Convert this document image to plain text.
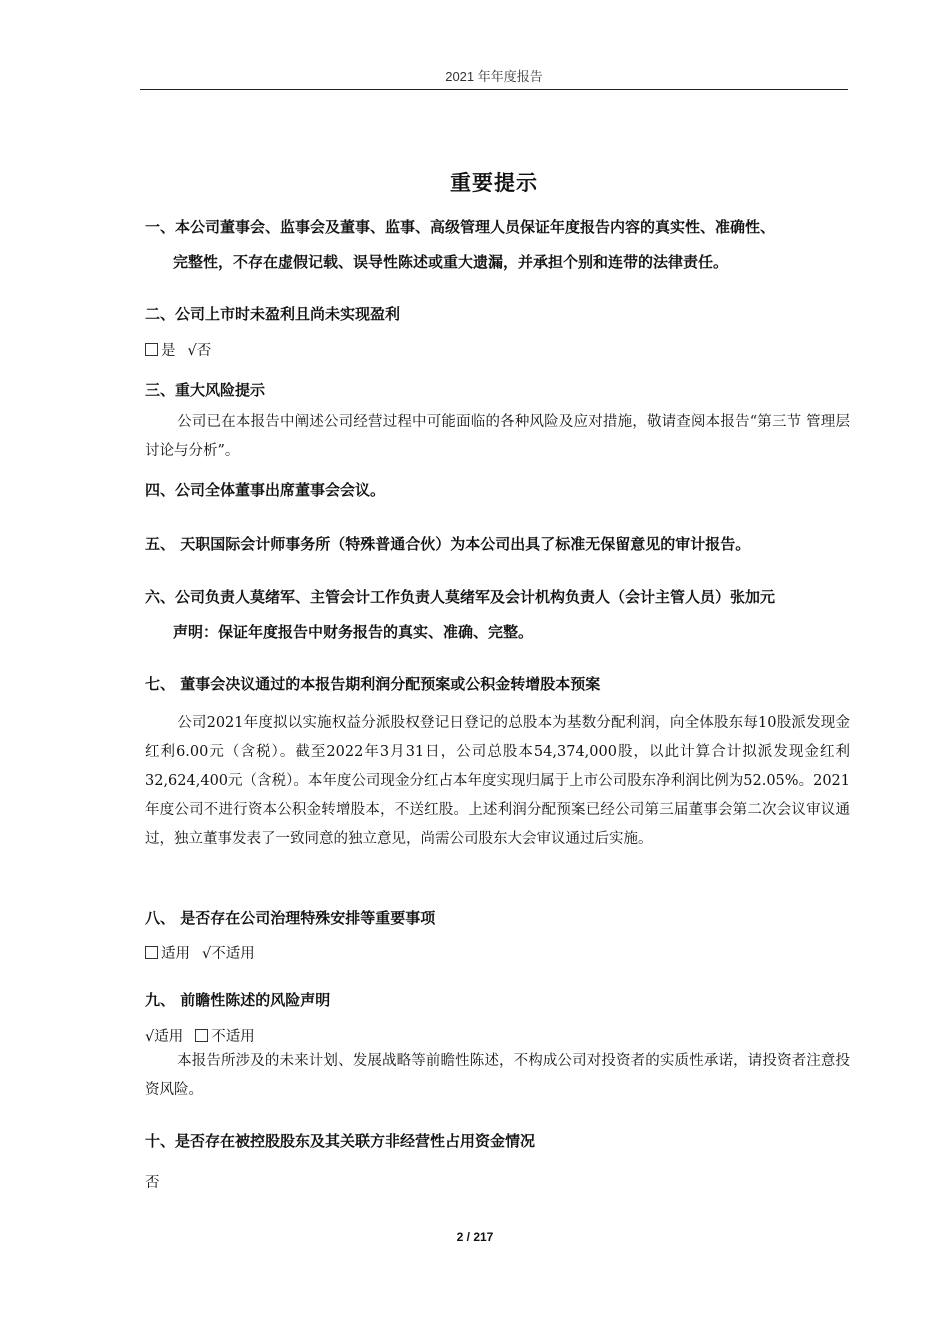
2021 年年度报告
重要提示
一、本公司董事会、监事会及董事、监事、高级管理人员保证年度报告内容的真实性、准确性、
完整性，不存在虚假记载、误导性陈述或重大遗漏，并承担个别和连带的法律责任。
二、公司上市时未盈利且尚未实现盈利
是 √否
三、重大风险提示
公司已在本报告中阐述公司经营过程中可能面临的各种风险及应对措施，敬请查阅本报告“第三节 管理层讨论与分析”。
四、公司全体董事出席董事会会议。
五、 天职国际会计师事务所（特殊普通合伙）为本公司出具了标准无保留意见的审计报告。
六、公司负责人莫绪军、主管会计工作负责人莫绪军及会计机构负责人（会计主管人员）张加元
声明：保证年度报告中财务报告的真实、准确、完整。
七、 董事会决议通过的本报告期利润分配预案或公积金转增股本预案
公司2021年度拟以实施权益分派股权登记日登记的总股本为基数分配利润，向全体股东每10股派发现金红利6.00元（含税）。截至2022年3月31日，公司总股本54,374,000股，以此计算合计拟派发现金红利32,624,400元（含税）。本年度公司现金分红占本年度实现归属于上市公司股东净利润比例为52.05%。2021年度公司不进行资本公积金转增股本，不送红股。上述利润分配预案已经公司第三届董事会第二次会议审议通过，独立董事发表了一致同意的独立意见，尚需公司股东大会审议通过后实施。
八、 是否存在公司治理特殊安排等重要事项
适用 √不适用
九、 前瞻性陈述的风险声明
√适用 不适用
本报告所涉及的未来计划、发展战略等前瞻性陈述，不构成公司对投资者的实质性承诺，请投资者注意投资风险。
十、是否存在被控股股东及其关联方非经营性占用资金情况
否
2 / 217
